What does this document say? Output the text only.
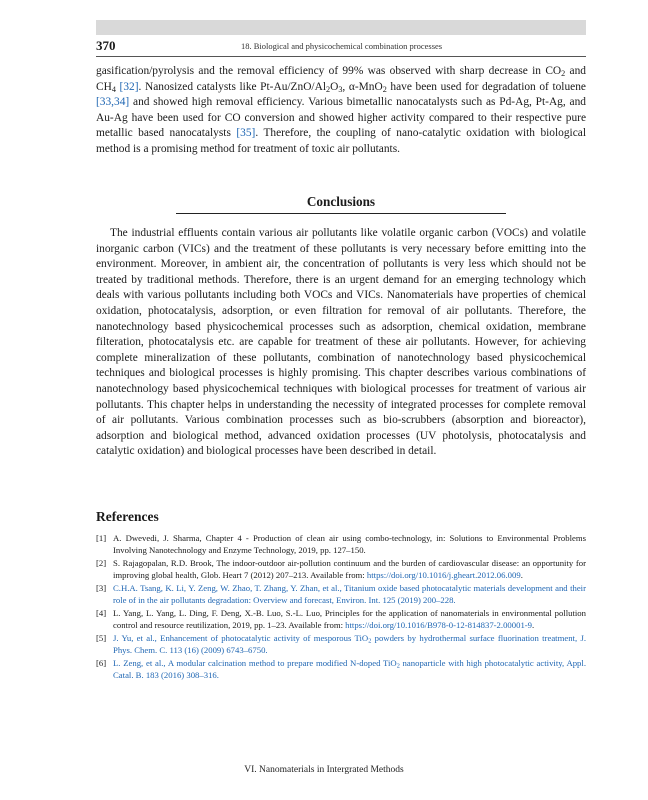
370	18. Biological and physicochemical combination processes

gasification/pyrolysis and the removal efficiency of 99% was observed with sharp decrease in $CO_2$ and $CH_4$ [32]. Nanosized catalysts like $Pt-Au/ZnO/Al_2O_3$, α-MnO$_2$ have been used for degradation of toluene [33,34] and showed high removal efficiency. Various bimetallic nanocatalysts such as Pd-Ag, Pt-Ag, and Au-Ag have been used for CO conversion and showed higher activity compared to their respective pure metallic based nanocatalysts [35]. Therefore, the coupling of nano-catalytic oxidation with biological method is a promising method for treatment of toxic air pollutants.

Conclusions

The industrial effluents contain various air pollutants like volatile organic carbon (VOCs) and volatile inorganic carbon (VICs) and the treatment of these pollutants is very necessary before emitting into the environment. Moreover, in ambient air, the concentration of pollutants is very less which should not be treated by traditional methods. Therefore, there is an urgent demand for an emerging technology which deals with various pollutants including both VOCs and VICs. Nanomaterials have properties of chemical oxidation, photocatalysis, adsorption, or even filtration for removal of air pollutants. Therefore, the nanotechnology based physicochemical processes such as adsorption, chemical oxidation, membrane filteration, photocatalysis etc. are capable for treatment of these air pollutants. However, for achieving complete mineralization of these pollutants, combination of nanotechnology based physicochemical techniques and biological processes is highly promising. This chapter describes various combinations of nanotechnology based physicochemical techniques with biological processes for treatment of various air pollutants. This chapter helps in understanding the necessity of integrated processes for complete removal of air pollutants. Various combination processes such as bio-scrubbers (absorption and bioreactor), adsorption and biological method, advanced oxidation processes (UV photolysis, photocatalysis and catalytic oxidation) and biological processes have been described in detail.

References
[1] A. Dwevedi, J. Sharma, Chapter 4 - Production of clean air using combo-technology, in: Solutions to Environmental Problems Involving Nanotechnology and Enzyme Technology, 2019, pp. 127–150.
[2] S. Rajagopalan, R.D. Brook, The indoor-outdoor air-pollution continuum and the burden of cardiovascular disease: an opportunity for improving global health, Glob. Heart 7 (2012) 207–213. Available from: https://doi.org/10.1016/j.gheart.2012.06.009.
[3] C.H.A. Tsang, K. Li, Y. Zeng, W. Zhao, T. Zhang, Y. Zhan, et al., Titanium oxide based photocatalytic materials development and their role of in the air pollutants degradation: Overview and forecast, Environ. Int. 125 (2019) 200–228.
[4] L. Yang, L. Yang, L. Ding, F. Deng, X.-B. Luo, S.-L. Luo, Principles for the application of nanomaterials in environmental pollution control and resource reutilization, 2019, pp. 1–23. Available from: https://doi.org/10.1016/B978-0-12-814837-2.00001-9.
[5] J. Yu, et al., Enhancement of photocatalytic activity of mesporous TiO$_2$ powders by hydrothermal surface fluorination treatment, J. Phys. Chem. C. 113 (16) (2009) 6743–6750.
[6] L. Zeng, et al., A modular calcination method to prepare modified N-doped TiO$_2$ nanoparticle with high photocatalytic activity, Appl. Catal. B. 183 (2016) 308–316.
VI. Nanomaterials in Intergrated Methods
